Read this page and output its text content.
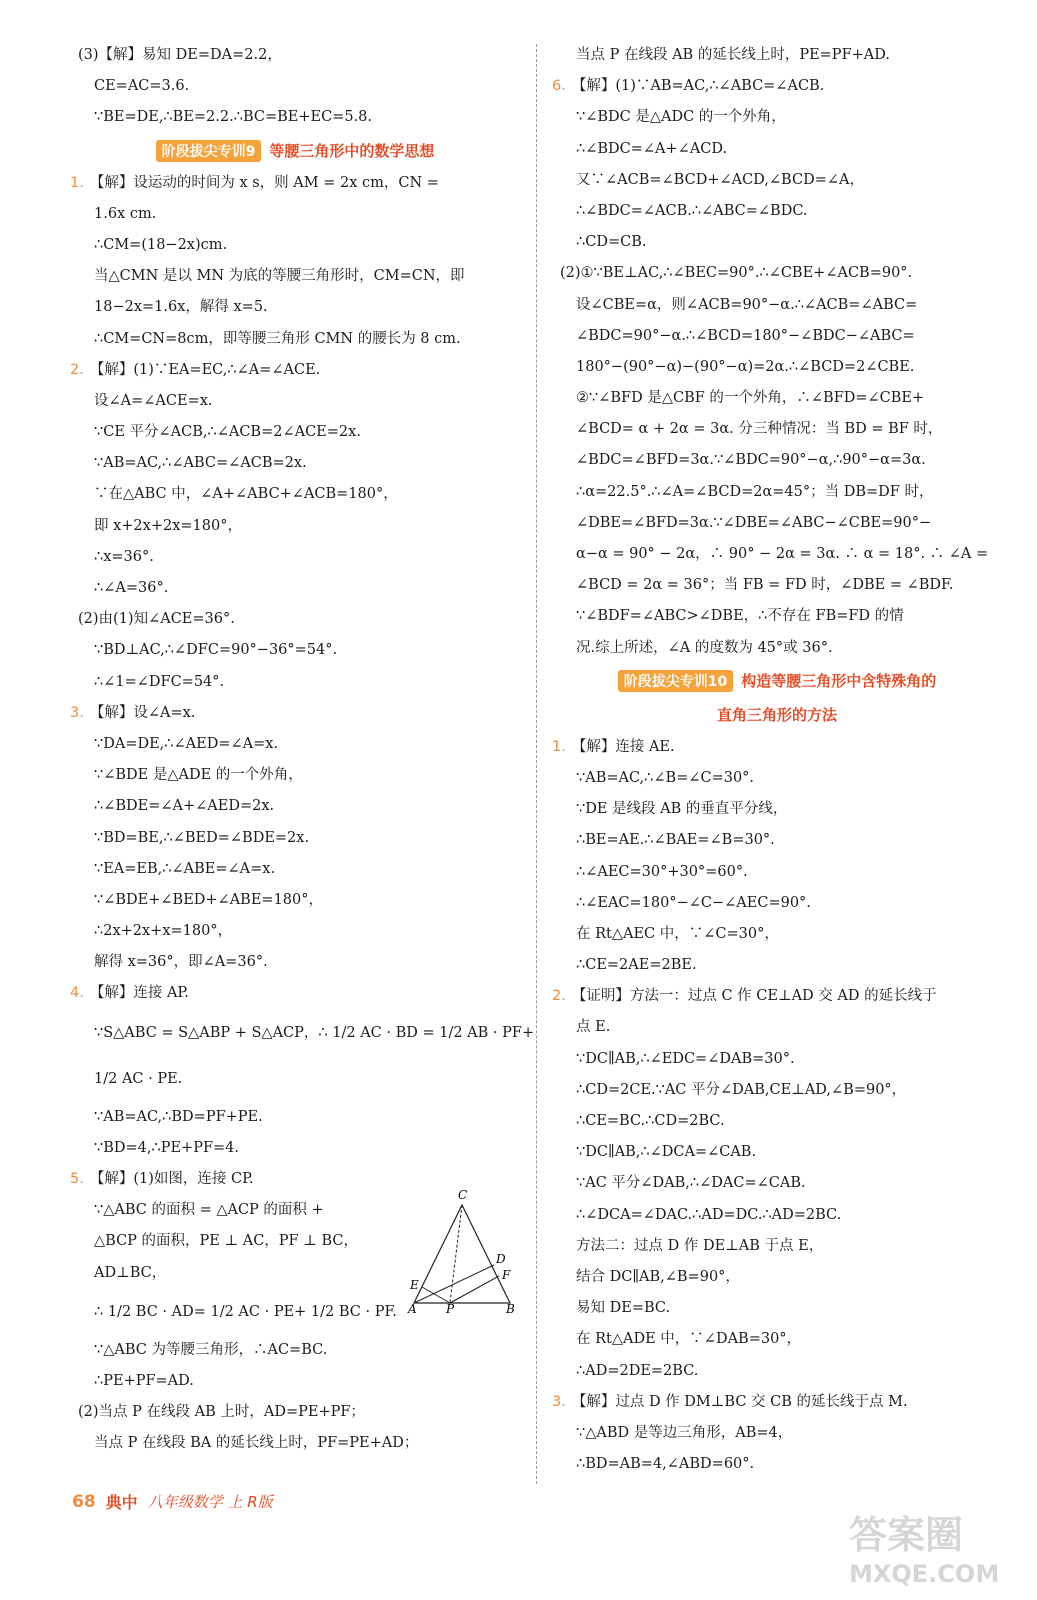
(3)【解】易知 DE=DA=2.2，
CE=AC=3.6.
∵BE=DE,∴BE=2.2.∴BC=BE+EC=5.8.
阶段拔尖专训9 等腰三角形中的数学思想
1. 【解】设运动的时间为 x s，则 AM = 2x cm，CN =
1.6x cm.
∴CM=(18−2x)cm.
当△CMN 是以 MN 为底的等腰三角形时，CM=CN，即
18−2x=1.6x，解得 x=5.
∴CM=CN=8cm，即等腰三角形 CMN 的腰长为 8 cm.
2. 【解】(1)∵EA=EC,∴∠A=∠ACE.
设∠A=∠ACE=x.
∵CE 平分∠ACB,∴∠ACB=2∠ACE=2x.
∵AB=AC,∴∠ABC=∠ACB=2x.
∵在△ABC 中，∠A+∠ABC+∠ACB=180°，
即 x+2x+2x=180°，
∴x=36°.
∴∠A=36°.
(2)由(1)知∠ACE=36°.
∵BD⊥AC,∴∠DFC=90°−36°=54°.
∴∠1=∠DFC=54°.
3. 【解】设∠A=x.
∵DA=DE,∴∠AED=∠A=x.
∵∠BDE 是△ADE 的一个外角，
∴∠BDE=∠A+∠AED=2x.
∵BD=BE,∴∠BED=∠BDE=2x.
∵EA=EB,∴∠ABE=∠A=x.
∵∠BDE+∠BED+∠ABE=180°，
∴2x+2x+x=180°，
解得 x=36°，即∠A=36°.
4. 【解】连接 AP.
∵S△ABC = S△ABP + S△ACP，∴ 1/2 AC · BD = 1/2 AB · PF+
1/2 AC · PE.
∵AB=AC,∴BD=PF+PE.
∵BD=4,∴PE+PF=4.
5. 【解】(1)如图，连接 CP.
∵△ABC 的面积 = △ACP 的面积 +
△BCP 的面积，PE ⊥ AC，PF ⊥ BC，
AD⊥BC，
∴ 1/2 BC · AD= 1/2 AC · PE+ 1/2 BC · PF.
∵△ABC 为等腰三角形，∴AC=BC.
∴PE+PF=AD.
(2)当点 P 在线段 AB 上时，AD=PE+PF；
当点 P 在线段 BA 的延长线上时，PF=PE+AD；
当点 P 在线段 AB 的延长线上时，PE=PF+AD.
6. 【解】(1)∵AB=AC,∴∠ABC=∠ACB.
∵∠BDC 是△ADC 的一个外角，
∴∠BDC=∠A+∠ACD.
又∵∠ACB=∠BCD+∠ACD,∠BCD=∠A，
∴∠BDC=∠ACB.∴∠ABC=∠BDC.
∴CD=CB.
(2)①∵BE⊥AC,∴∠BEC=90°.∴∠CBE+∠ACB=90°.
设∠CBE=α，则∠ACB=90°−α.∴∠ACB=∠ABC=
∠BDC=90°−α.∴∠BCD=180°−∠BDC−∠ABC=
180°−(90°−α)−(90°−α)=2α.∴∠BCD=2∠CBE.
②∵∠BFD 是△CBF 的一个外角，∴∠BFD=∠CBE+
∠BCD= α + 2α = 3α. 分三种情况：当 BD = BF 时，
∠BDC=∠BFD=3α.∵∠BDC=90°−α,∴90°−α=3α.
∴α=22.5°.∴∠A=∠BCD=2α=45°；当 DB=DF 时，
∠DBE=∠BFD=3α.∵∠DBE=∠ABC−∠CBE=90°−
α−α = 90° − 2α，∴ 90° − 2α = 3α. ∴ α = 18°. ∴ ∠A =
∠BCD = 2α = 36°；当 FB = FD 时，∠DBE = ∠BDF.
∵∠BDF=∠ABC>∠DBE，∴不存在 FB=FD 的情
况.综上所述，∠A 的度数为 45°或 36°.
阶段拔尖专训10 构造等腰三角形中含特殊角的
直角三角形的方法
1. 【解】连接 AE.
∵AB=AC,∴∠B=∠C=30°.
∵DE 是线段 AB 的垂直平分线，
∴BE=AE.∴∠BAE=∠B=30°.
∴∠AEC=30°+30°=60°.
∴∠EAC=180°−∠C−∠AEC=90°.
在 Rt△AEC 中，∵∠C=30°，
∴CE=2AE=2BE.
2. 【证明】方法一：过点 C 作 CE⊥AD 交 AD 的延长线于
点 E.
∵DC∥AB,∴∠EDC=∠DAB=30°.
∴CD=2CE.∵AC 平分∠DAB,CE⊥AD,∠B=90°，
∴CE=BC.∴CD=2BC.
∵DC∥AB,∴∠DCA=∠CAB.
∵AC 平分∠DAB,∴∠DAC=∠CAB.
∴∠DCA=∠DAC.∴AD=DC.∴AD=2BC.
方法二：过点 D 作 DE⊥AB 于点 E，
结合 DC∥AB,∠B=90°，
易知 DE=BC.
在 Rt△ADE 中，∵∠DAB=30°，
∴AD=2DE=2BC.
3. 【解】过点 D 作 DM⊥BC 交 CB 的延长线于点 M.
∵△ABD 是等边三角形，AB=4，
∴BD=AB=4,∠ABD=60°.
C
D
F
E
A P	B
68 典中 八年级数学 上 R版
答案圈
MXQE.COM
